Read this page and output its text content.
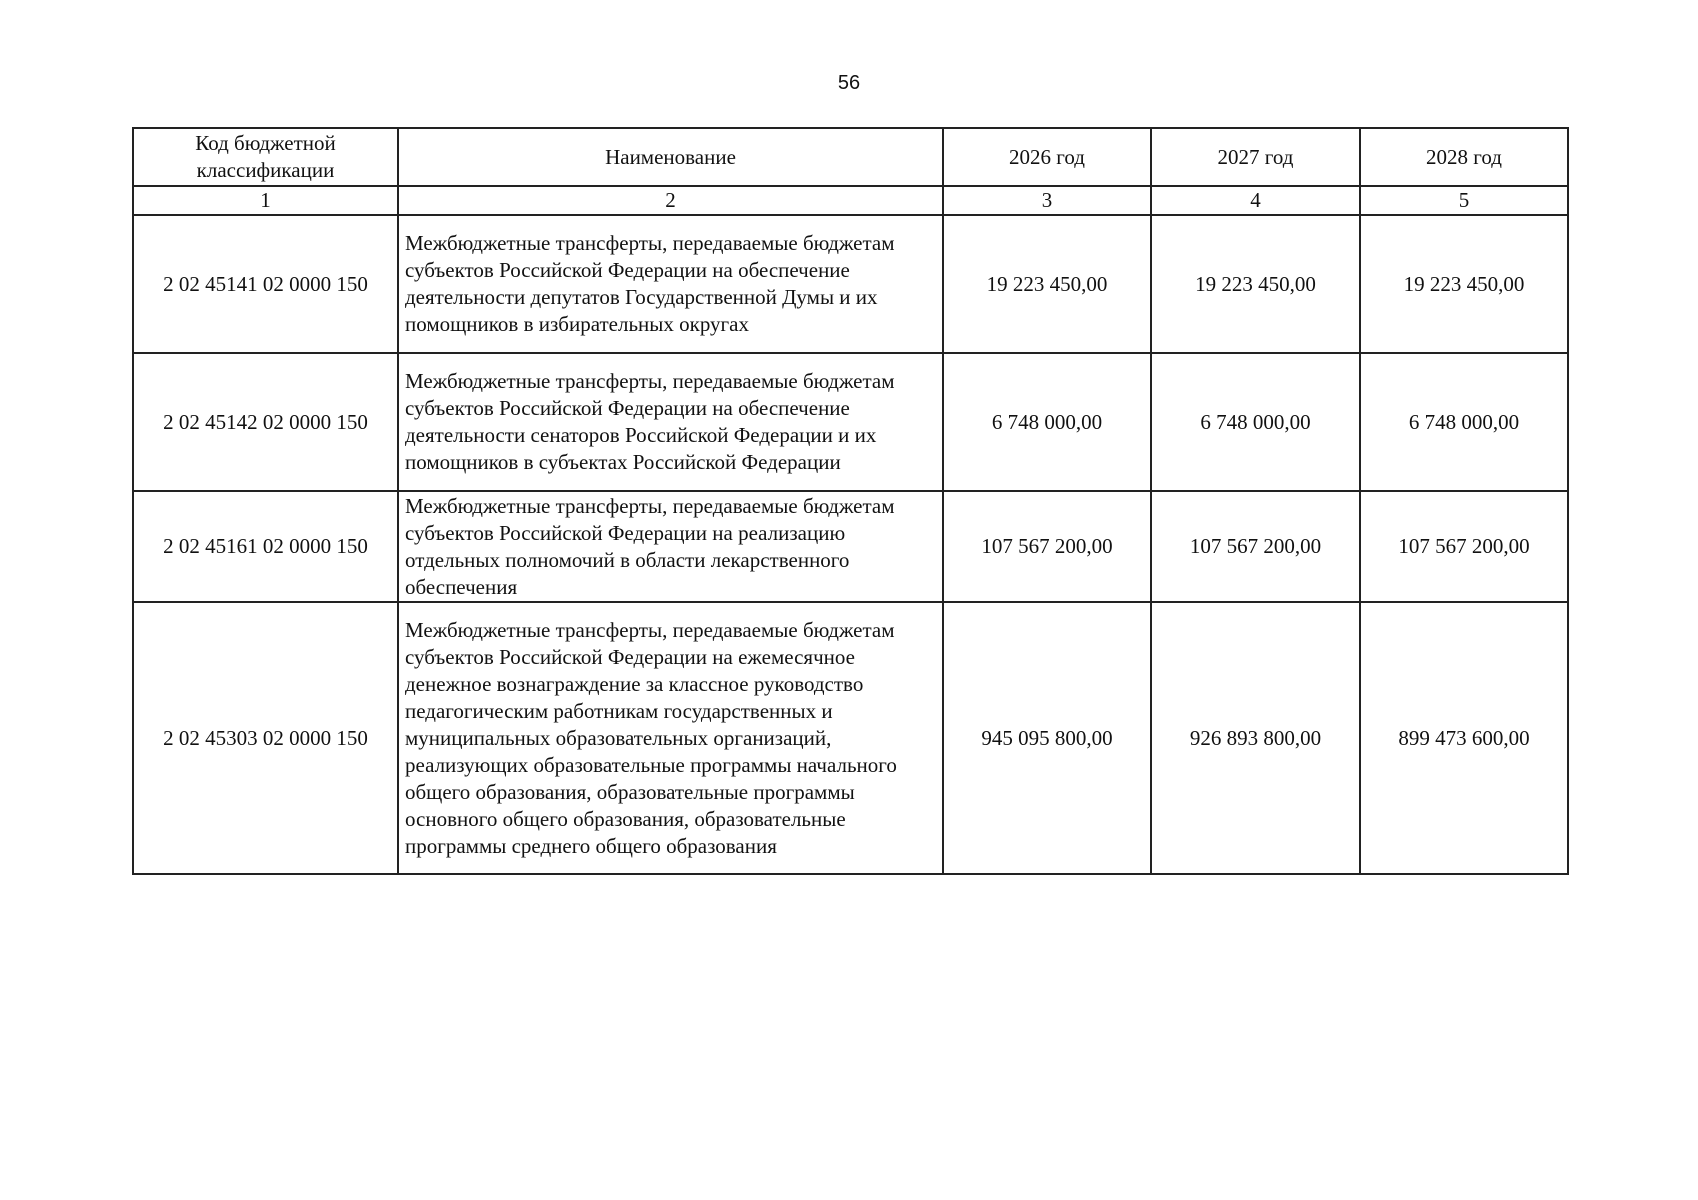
56
Код бюджетной классификации	Наименование	2026 год	2027 год	2028 год
1	2	3	4	5
2 02 45141 02 0000 150	Межбюджетные трансферты, передаваемые бюджетам субъектов Российской Федерации на обеспечение деятельности депутатов Государственной Думы и их помощников в избирательных округах	19 223 450,00	19 223 450,00	19 223 450,00
2 02 45142 02 0000 150	Межбюджетные трансферты, передаваемые бюджетам субъектов Российской Федерации на обеспечение деятельности сенаторов Российской Федерации и их помощников в субъектах Российской Федерации	6 748 000,00	6 748 000,00	6 748 000,00
2 02 45161 02 0000 150	Межбюджетные трансферты, передаваемые бюджетам субъектов Российской Федерации на реализацию отдельных полномочий в области лекарственного обеспечения	107 567 200,00	107 567 200,00	107 567 200,00
2 02 45303 02 0000 150	Межбюджетные трансферты, передаваемые бюджетам субъектов Российской Федерации на ежемесячное денежное вознаграждение за классное руководство педагогическим работникам государственных и муниципальных образовательных организаций, реализующих образовательные программы начального общего образования, образовательные программы основного общего образования, образовательные программы среднего общего образования	945 095 800,00	926 893 800,00	899 473 600,00
